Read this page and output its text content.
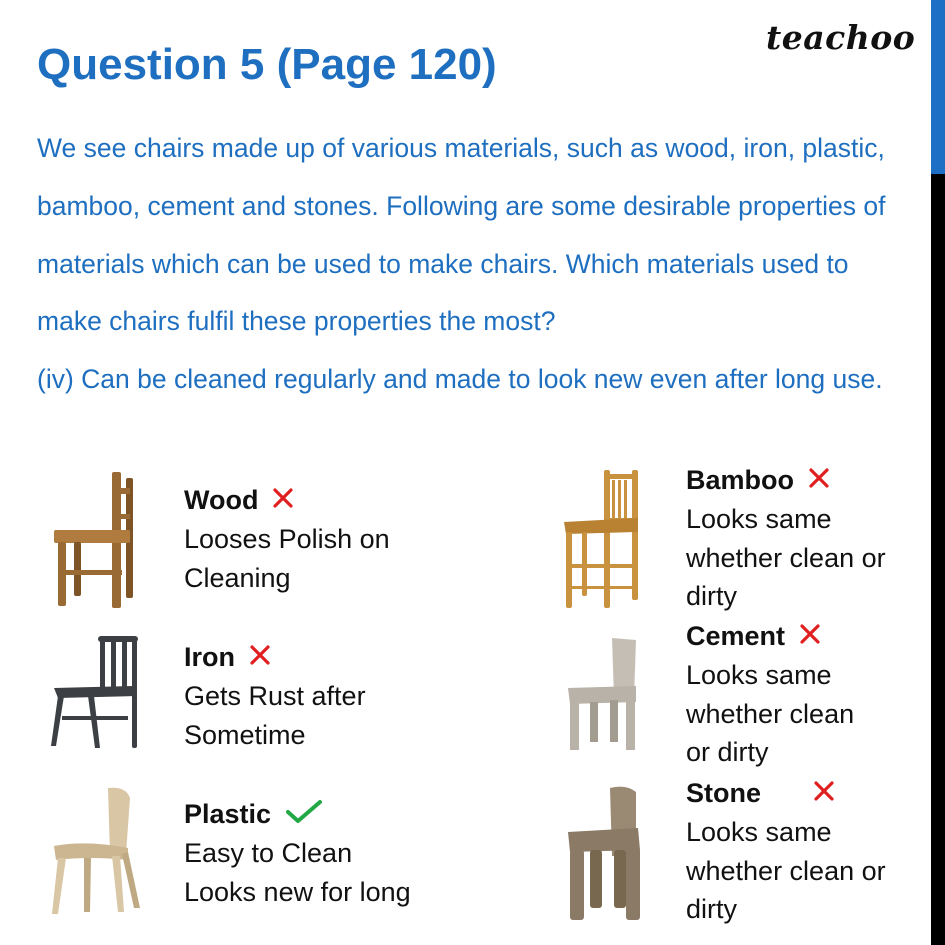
teachoo
Question 5 (Page 120)

We see chairs made up of various materials, such as wood, iron, plastic, bamboo, cement and stones. Following are some desirable properties of materials which can be used to make chairs. Which materials used to make chairs fulfil these properties the most?

(iv) Can be cleaned regularly and made to look new even after long use.

Wood
Looses Polish on
Cleaning
Iron
Gets Rust after
Sometime
Plastic
Easy to Clean
Looks new for long
Bamboo
Looks same
whether clean or
dirty
Cement
Looks same
whether clean
or dirty
Stone
Looks same
whether clean or
dirty
